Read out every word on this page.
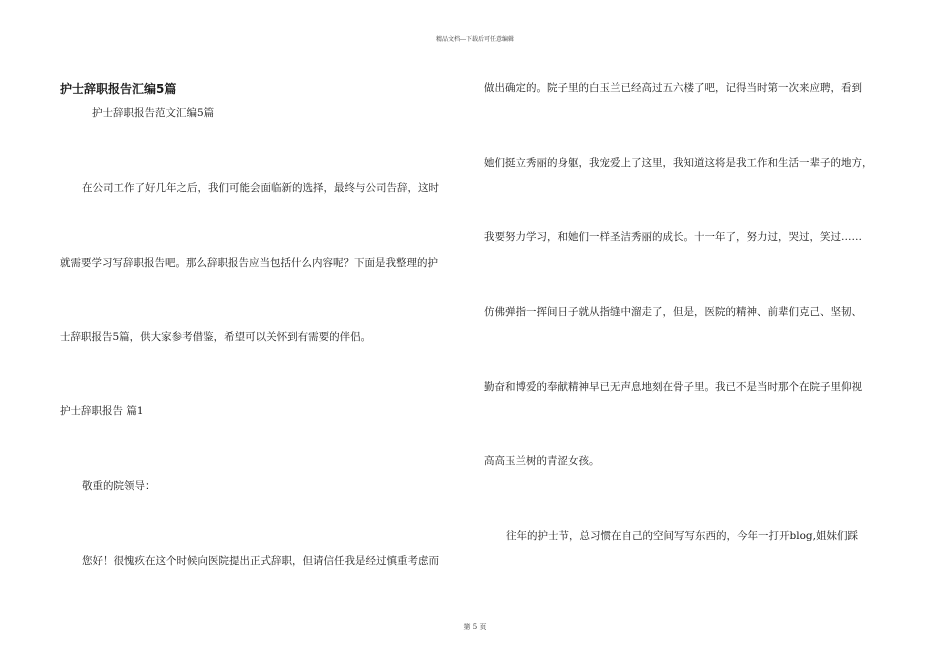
精品文档---下载后可任意编辑
护士辞职报告汇编5篇
护士辞职报告范文汇编5篇
在公司工作了好几年之后，我们可能会面临新的选择，最终与公司告辞，这时
就需要学习写辞职报告吧。那么辞职报告应当包括什么内容呢？下面是我整理的护
士辞职报告5篇，供大家参考借鉴，希望可以关怀到有需要的伴侣。
护士辞职报告 篇1
敬重的院领导：
您好！很愧疚在这个时候向医院提出正式辞职，但请信任我是经过慎重考虑而
做出确定的。院子里的白玉兰已经高过五六楼了吧，记得当时第一次来应聘，看到
她们挺立秀丽的身躯，我宠爱上了这里，我知道这将是我工作和生活一辈子的地方，
我要努力学习，和她们一样圣洁秀丽的成长。十一年了，努力过，哭过，笑过……
仿佛弹指一挥间日子就从指缝中溜走了，但是，医院的精神、前辈们克己、坚韧、
勤奋和博爱的奉献精神早已无声息地刻在骨子里。我已不是当时那个在院子里仰视
高高玉兰树的青涩女孩。
往年的护士节，总习惯在自己的空间写写东西的，今年一打开blog,姐妹们踩
第 5 页
